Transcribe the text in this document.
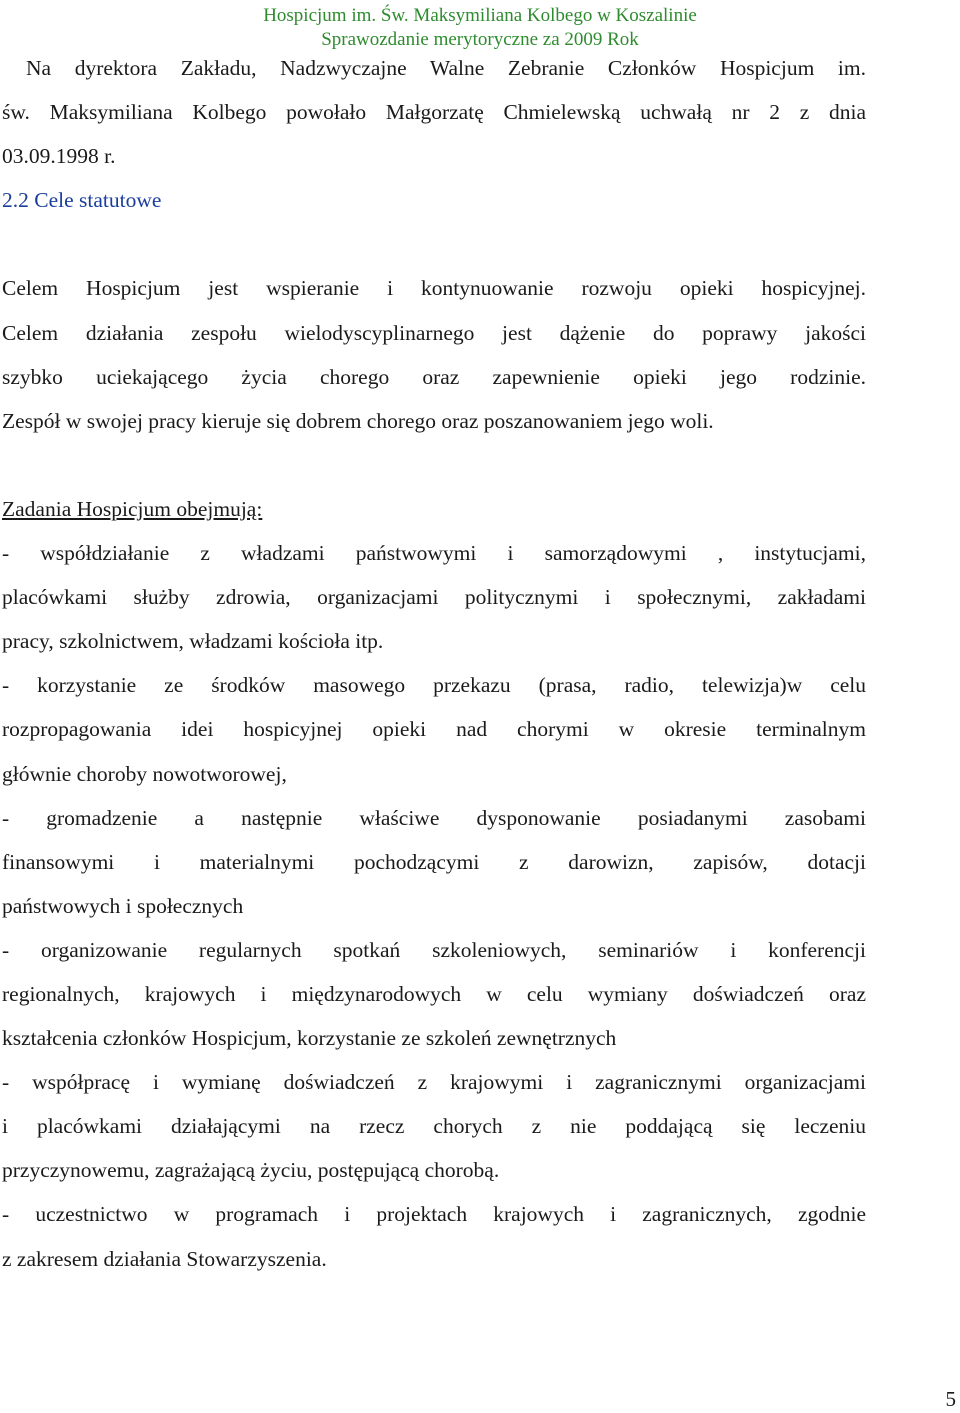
Hospicjum im. Św. Maksymiliana Kolbego w Koszalinie
Sprawozdanie merytoryczne za 2009 Rok

Na dyrektora Zakładu, Nadzwyczajne Walne Zebranie Członków Hospicjum im.

św. Maksymiliana Kolbego powołało Małgorzatę Chmielewską uchwałą nr 2 z dnia

03.09.1998 r.

2.2 Cele statutowe

Celem Hospicjum jest wspieranie i kontynuowanie rozwoju opieki hospicyjnej.

Celem działania zespołu wielodyscyplinarnego jest dążenie do poprawy jakości

szybko uciekającego życia chorego oraz zapewnienie opieki jego rodzinie.

Zespół w swojej pracy kieruje się dobrem chorego oraz poszanowaniem jego woli.

Zadania Hospicjum obejmują:

- współdziałanie z władzami państwowymi i samorządowymi , instytucjami,

placówkami służby zdrowia, organizacjami politycznymi i społecznymi, zakładami

pracy, szkolnictwem, władzami kościoła itp.

- korzystanie ze środków masowego przekazu (prasa, radio, telewizja)w celu

rozpropagowania idei hospicyjnej opieki nad chorymi w okresie terminalnym

głównie choroby nowotworowej,

- gromadzenie a następnie właściwe dysponowanie posiadanymi zasobami

finansowymi i materialnymi pochodzącymi z darowizn, zapisów, dotacji

państwowych i społecznych

- organizowanie regularnych spotkań szkoleniowych, seminariów i konferencji

regionalnych, krajowych i międzynarodowych w celu wymiany doświadczeń oraz

kształcenia członków Hospicjum, korzystanie ze szkoleń zewnętrznych

- współpracę i wymianę doświadczeń z krajowymi i zagranicznymi organizacjami

i placówkami działającymi na rzecz chorych z nie poddającą się leczeniu

przyczynowemu, zagrażającą życiu, postępującą chorobą.

- uczestnictwo w programach i projektach krajowych i zagranicznych, zgodnie

z zakresem działania Stowarzyszenia.

5
